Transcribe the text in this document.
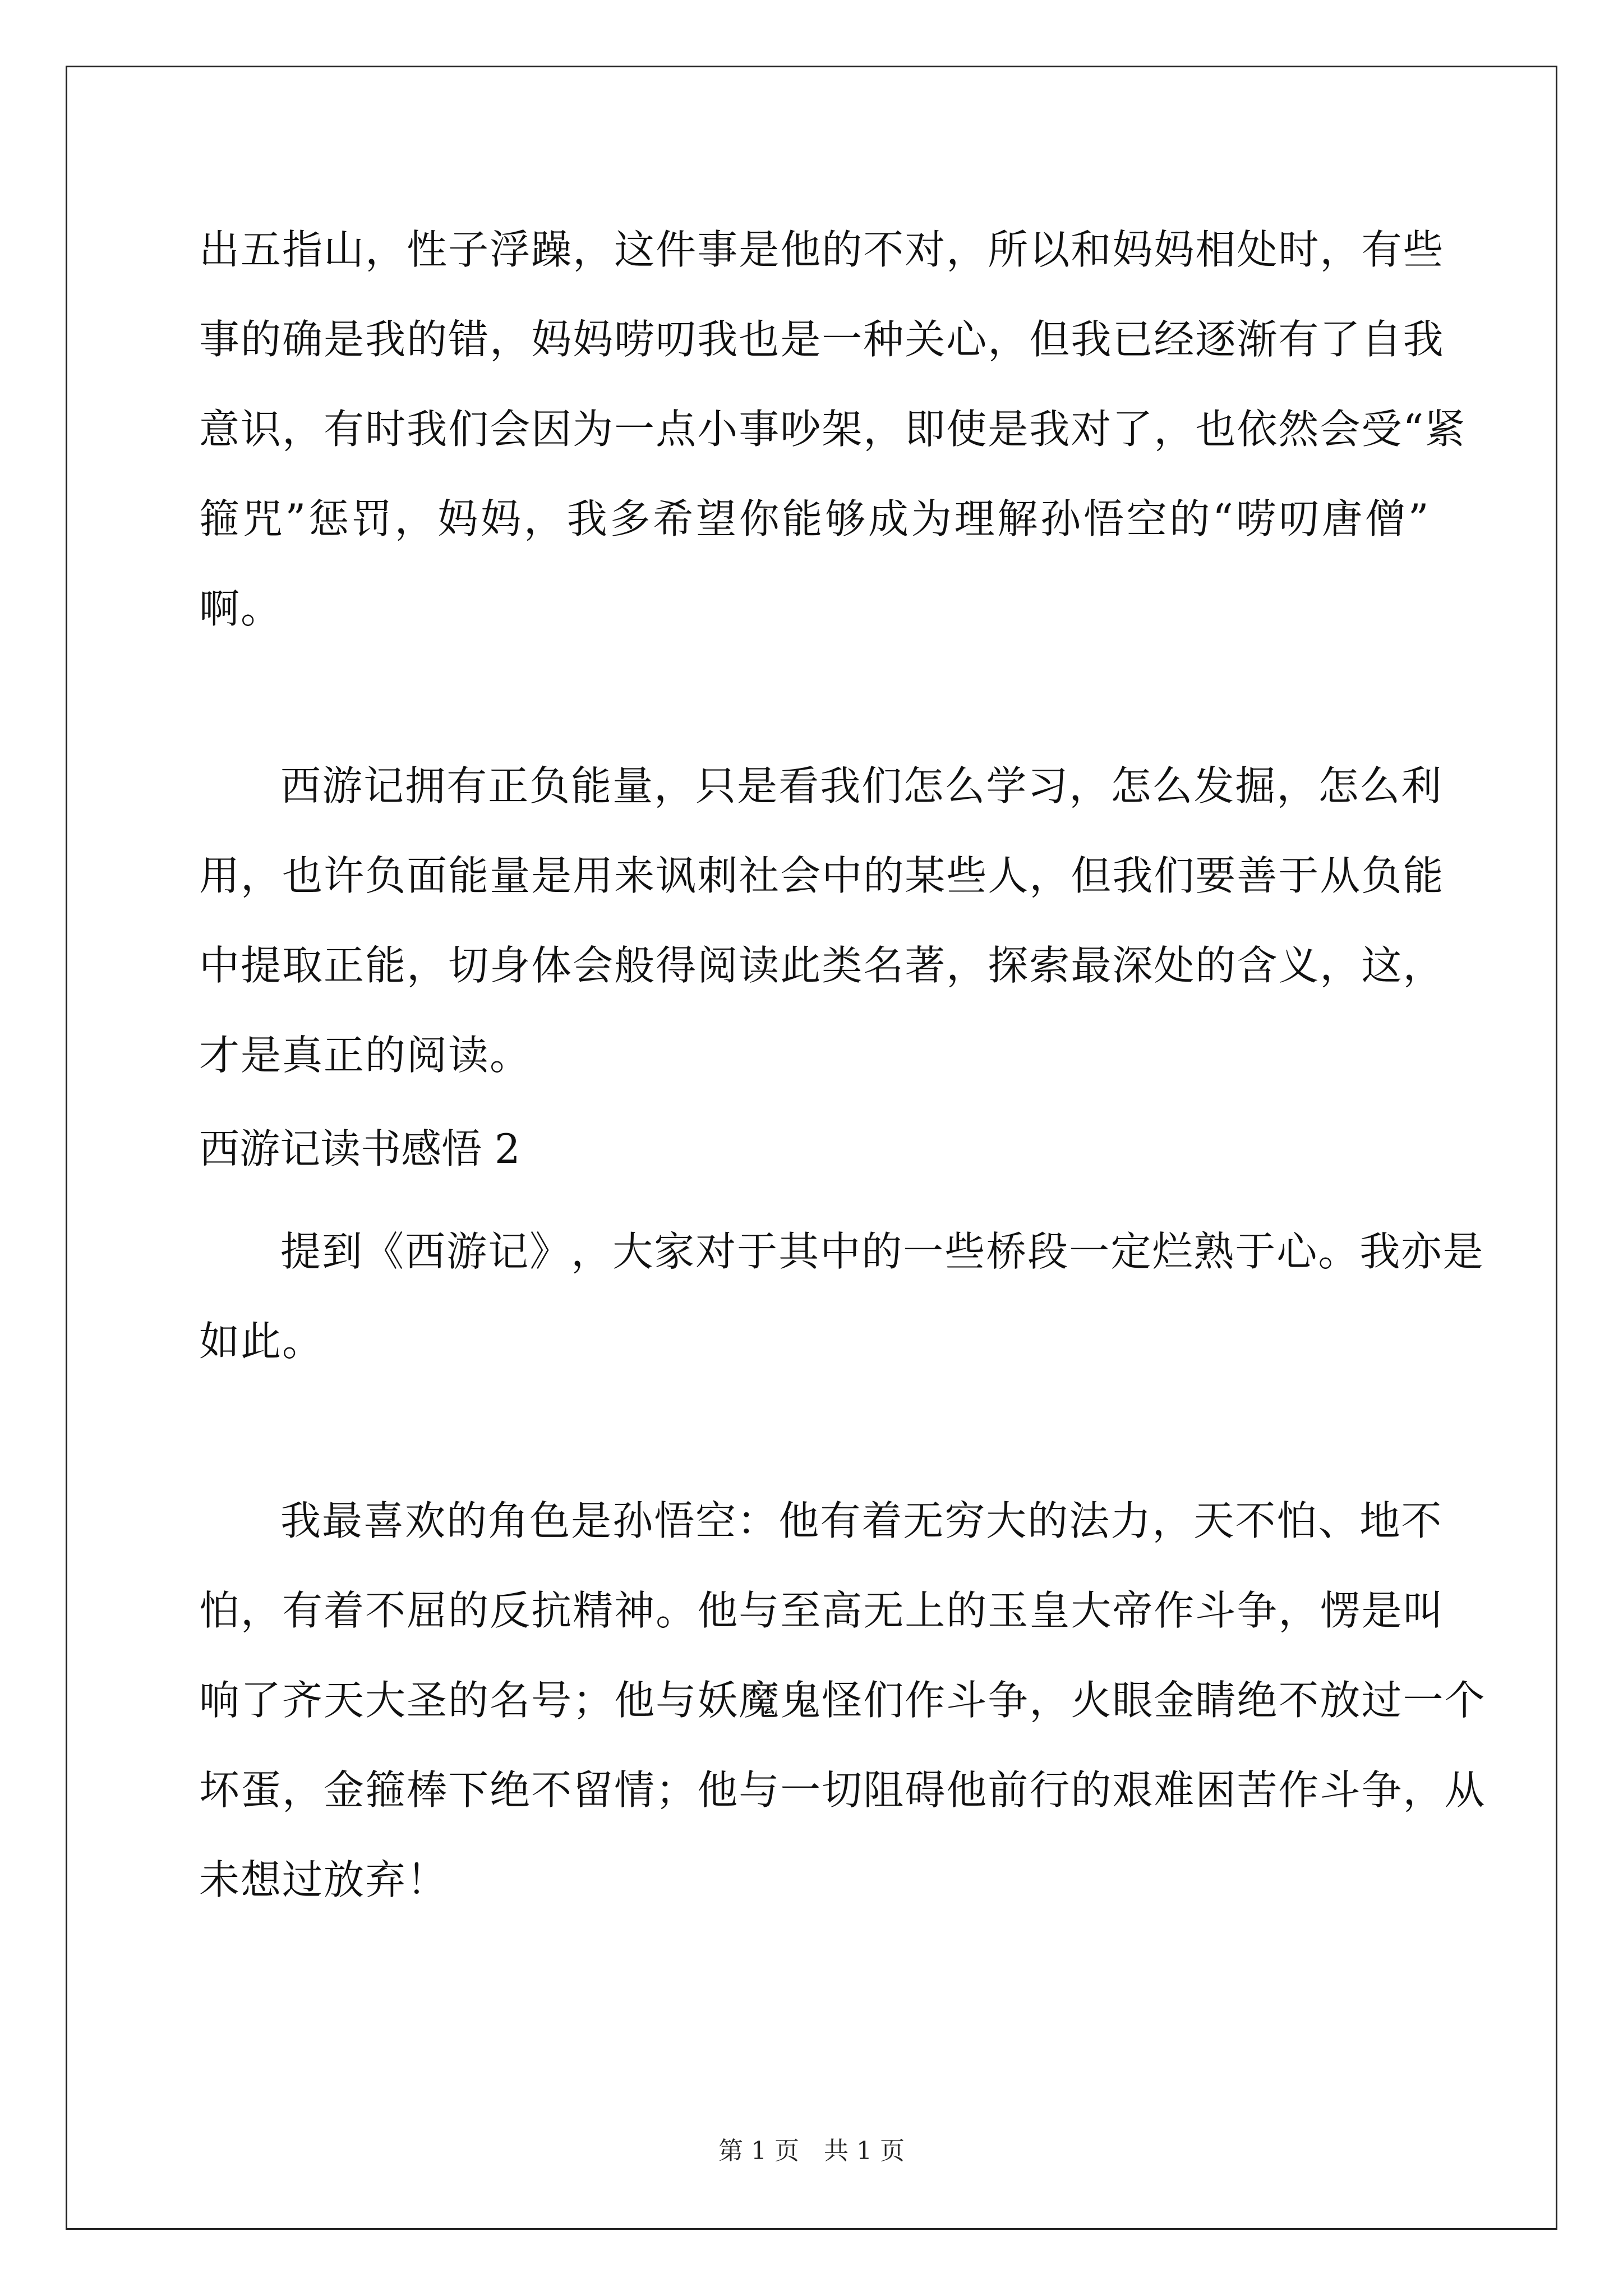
出 五 指 山 ， 性 子 浮 躁 ， 这 件 事 是 他 的 不 对 ， 所 以 和 妈 妈 相 处 时 ， 有 些
事 的 确 是 我 的 错 ， 妈 妈 唠 叨 我 也 是 一 种 关 心 ， 但 我 已 经 逐 渐 有 了 自 我
意 识 ， 有 时 我 们 会 因 为 一 点 小 事 吵 架 ， 即 使 是 我 对 了 ， 也 依 然 会 受 “ 紧
箍 咒 ” 惩 罚 ， 妈 妈 ， 我 多 希 望 你 能 够 成 为 理 解 孙 悟 空 的 “ 唠 叨 唐 僧 ”
啊。
西 游 记 拥 有 正 负 能 量 ， 只 是 看 我 们 怎 么 学 习 ， 怎 么 发 掘 ， 怎 么 利
用 ， 也 许 负 面 能 量 是 用 来 讽 刺 社 会 中 的 某 些 人 ， 但 我 们 要 善 于 从 负 能
中 提 取 正 能 ， 切 身 体 会 般 得 阅 读 此 类 名 著 ， 探 索 最 深 处 的 含 义 ， 这 ，
才是真正的阅读。
西游记读书感悟 2
提 到 《 西 游 记 》 ， 大 家 对 于 其 中 的 一 些 桥 段 一 定 烂 熟 于 心 。 我 亦 是
如此。
我 最 喜 欢 的 角 色 是 孙 悟 空 ： 他 有 着 无 穷 大 的 法 力 ， 天 不 怕 、 地 不
怕 ， 有 着 不 屈 的 反 抗 精 神 。 他 与 至 高 无 上 的 玉 皇 大 帝 作 斗 争 ， 愣 是 叫
响 了 齐 天 大 圣 的 名 号 ； 他 与 妖 魔 鬼 怪 们 作 斗 争 ， 火 眼 金 睛 绝 不 放 过 一 个
坏 蛋 ， 金 箍 棒 下 绝 不 留 情 ； 他 与 一 切 阻 碍 他 前 行 的 艰 难 困 苦 作 斗 争 ， 从
未想过放弃！
第 1 页　共 1 页
